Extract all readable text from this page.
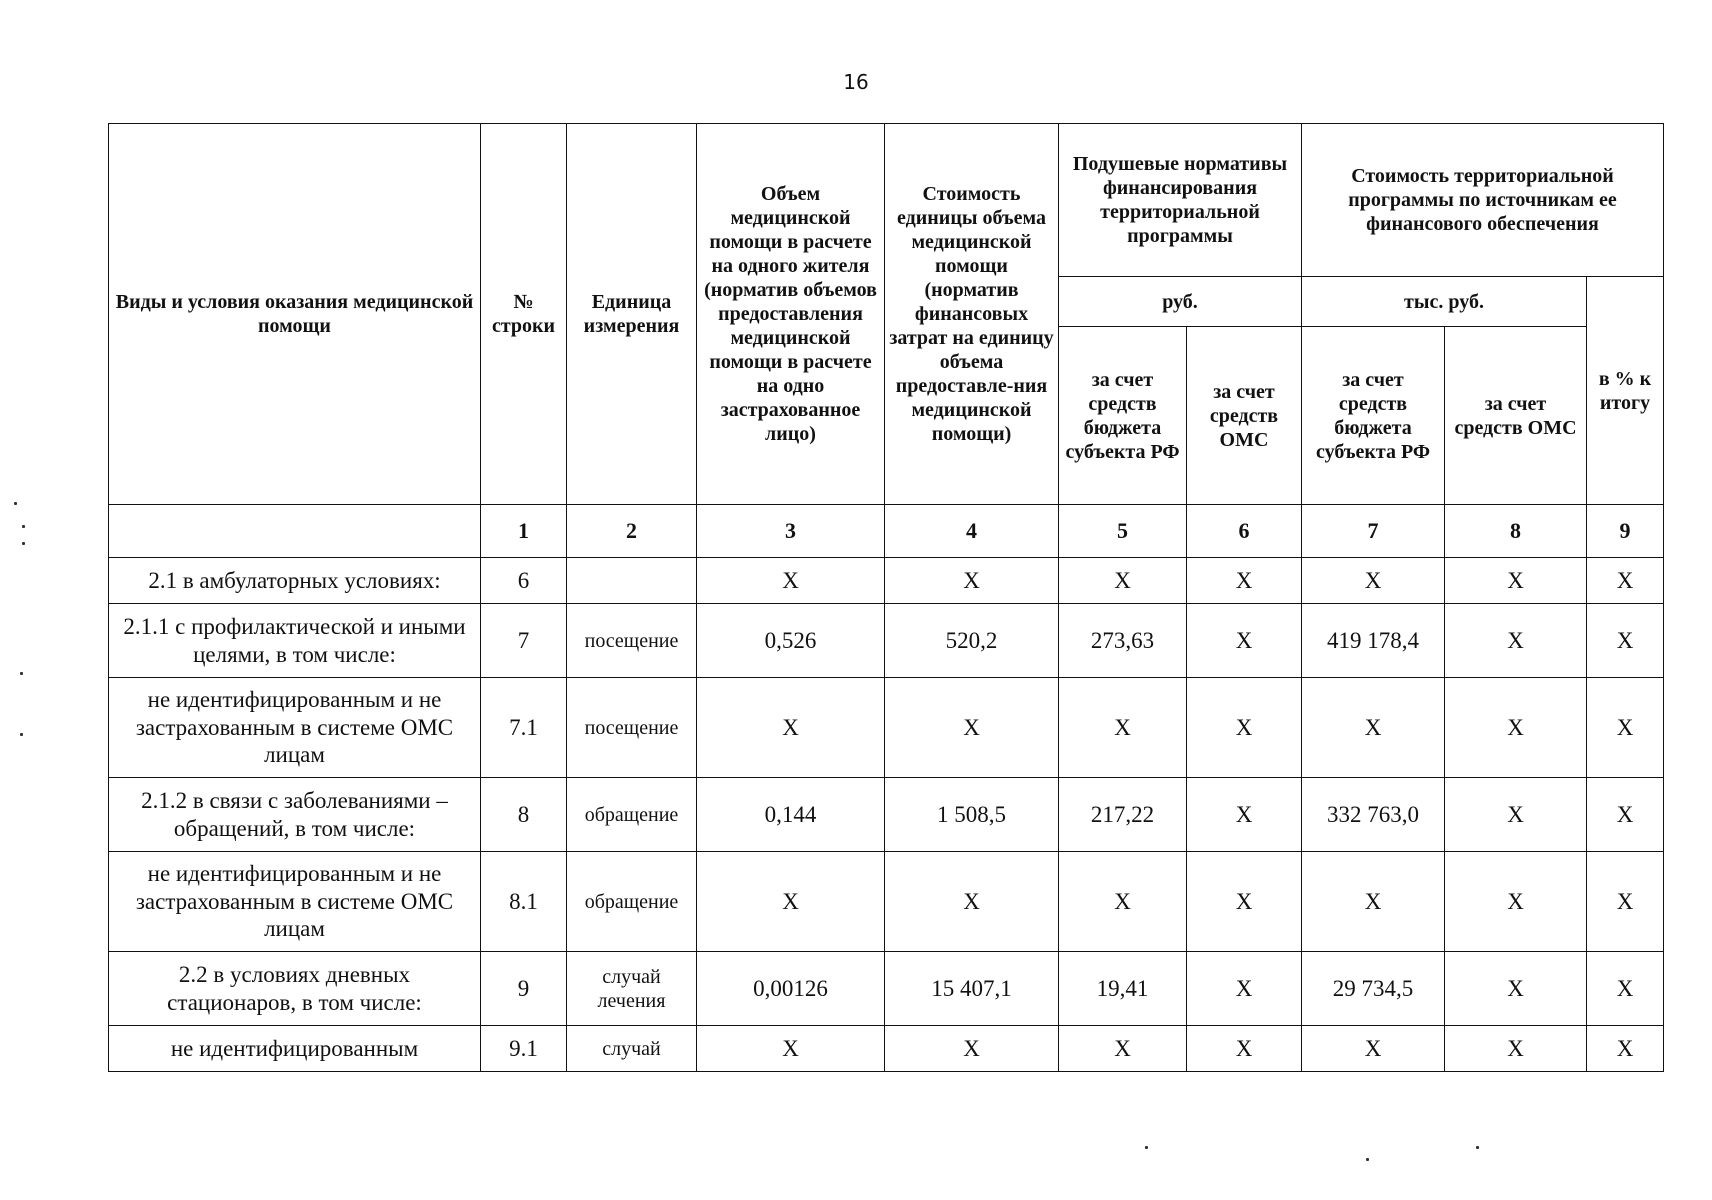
16
Виды и условия оказания медицинской помощи	№ строки	Единица измерения	Объем медицинской помощи в расчете на одного жителя (норматив объемов предоставления медицинской помощи в расчете на одно застрахованное лицо)	Стоимость единицы объема медицинской помощи (норматив финансовых затрат на единицу объема предоставле-ния медицинской помощи)	Подушевые нормативы финансирования территориальной программы		Стоимость территориальной программы по источникам ее финансового обеспечения		
					руб.		тыс. руб.		в % к итогу
					за счет средств бюджета субъекта РФ	за счет средств ОМС	за счет средств бюджета субъекта РФ	за счет средств ОМС	
	1	2	3	4	5	6	7	8	9
2.1 в амбулаторных условиях:	6		X	X	X	X	X	X	X
2.1.1 с профилактической и иными целями, в том числе:	7	посещение	0,526	520,2	273,63	X	419 178,4	X	X
не идентифицированным и не застрахованным в системе ОМС лицам	7.1	посещение	X	X	X	X	X	X	X
2.1.2 в связи с заболеваниями – обращений, в том числе:	8	обращение	0,144	1 508,5	217,22	X	332 763,0	X	X
не идентифицированным и не застрахованным в системе ОМС лицам	8.1	обращение	X	X	X	X	X	X	X
2.2 в условиях дневных стационаров, в том числе:	9	случай лечения	0,00126	15 407,1	19,41	X	29 734,5	X	X
не идентифицированным	9.1	случай	X	X	X	X	X	X	X
